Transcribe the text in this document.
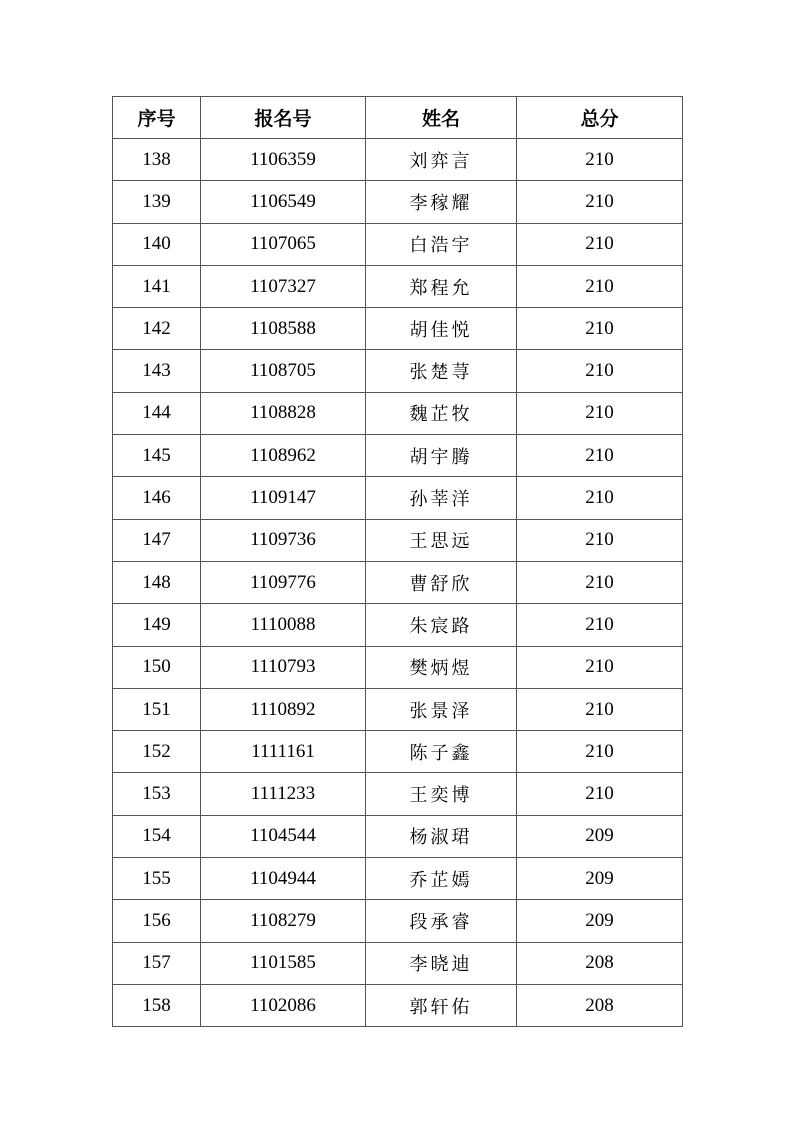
序号	报名号	姓名	总分
138	1106359	刘弈言	210
139	1106549	李稼耀	210
140	1107065	白浩宇	210
141	1107327	郑程允	210
142	1108588	胡佳悦	210
143	1108705	张楚荨	210
144	1108828	魏芷牧	210
145	1108962	胡宇腾	210
146	1109147	孙莘洋	210
147	1109736	王思远	210
148	1109776	曹舒欣	210
149	1110088	朱宸路	210
150	1110793	樊炳煜	210
151	1110892	张景泽	210
152	1111161	陈子鑫	210
153	1111233	王奕博	210
154	1104544	杨淑珺	209
155	1104944	乔芷嫣	209
156	1108279	段承睿	209
157	1101585	李晓迪	208
158	1102086	郭轩佑	208
